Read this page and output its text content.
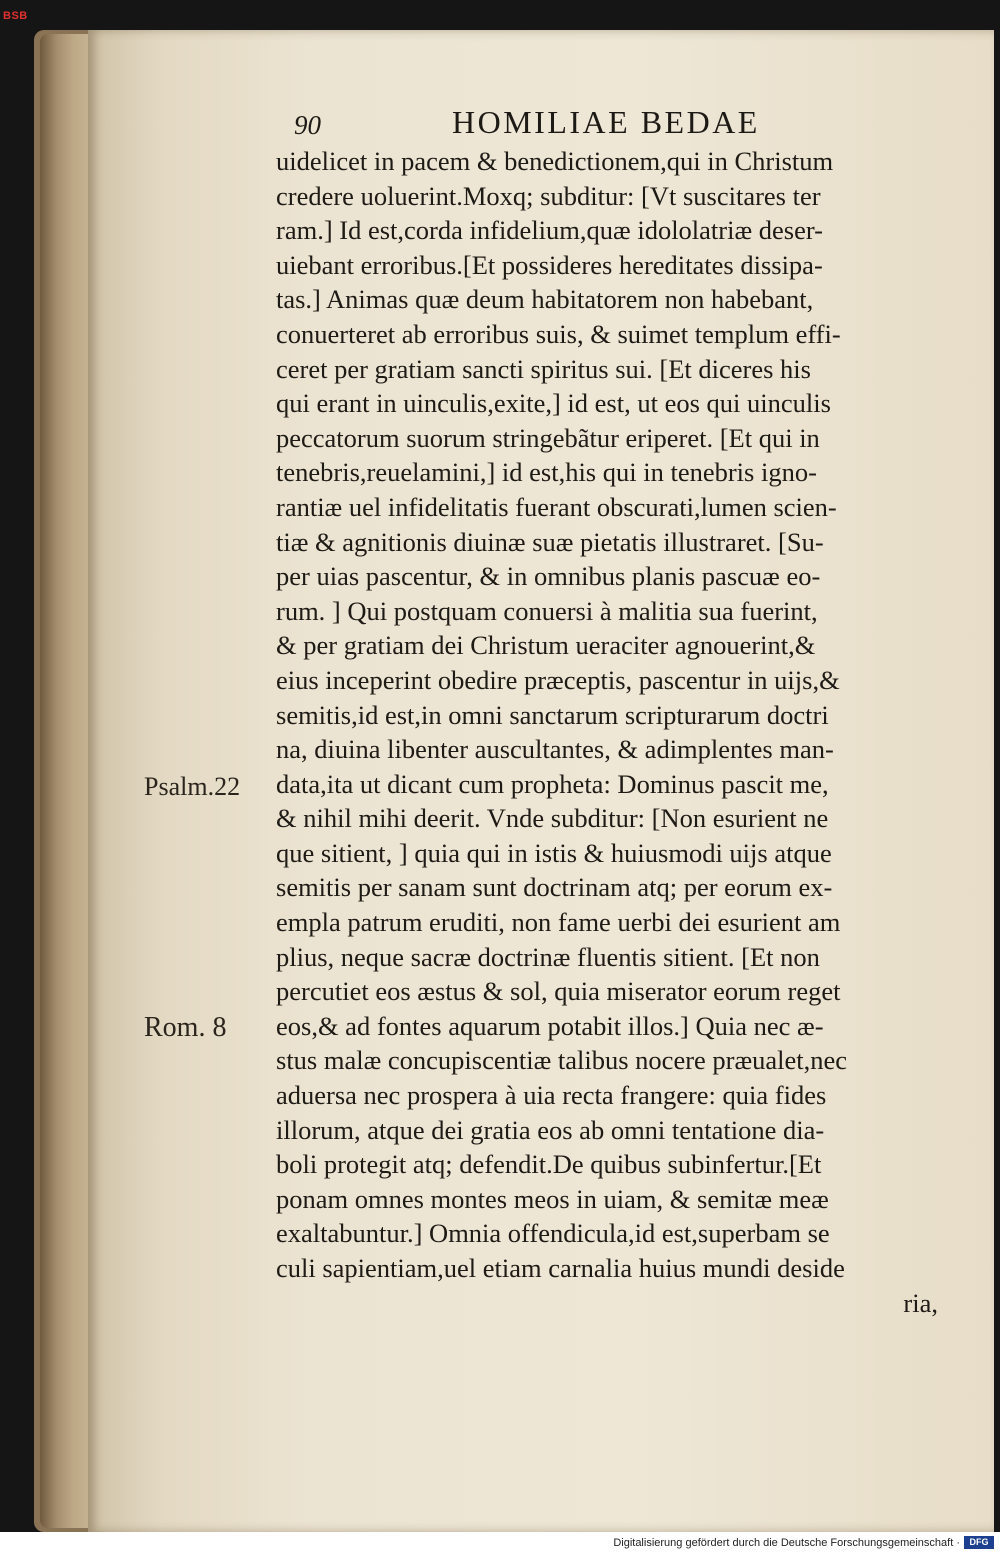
BSB
90	HOMILIAE BEDAE
Psalm.22
Rom. 8
uidelicet in pacem & benedictionem,qui in Christum
credere uoluerint.Moxq; subditur: [Vt suscitares ter
ram.] Id est,corda infidelium,quæ idololatriæ deser-
uiebant erroribus.[Et possideres hereditates dissipa-
tas.] Animas quæ deum habitatorem non habebant,
conuerteret ab erroribus suis, & suimet templum effi-
ceret per gratiam sancti spiritus sui. [Et diceres his
qui erant in uinculis,exite,] id est, ut eos qui uinculis
peccatorum suorum stringebãtur eriperet. [Et qui in
tenebris,reuelamini,] id est,his qui in tenebris igno-
rantiæ uel infidelitatis fuerant obscurati,lumen scien-
tiæ & agnitionis diuinæ suæ pietatis illustraret. [Su-
per uias pascentur, & in omnibus planis pascuæ eo-
rum. ] Qui postquam conuersi à malitia sua fuerint,
& per gratiam dei Christum ueraciter agnouerint,&
eius inceperint obedire præceptis, pascentur in uijs,&
semitis,id est,in omni sanctarum scripturarum doctri
na, diuina libenter auscultantes, & adimplentes man-
data,ita ut dicant cum propheta: Dominus pascit me,
& nihil mihi deerit. Vnde subditur: [Non esurient ne
que sitient, ] quia qui in istis & huiusmodi uijs atque
semitis per sanam sunt doctrinam atq; per eorum ex-
empla patrum eruditi, non fame uerbi dei esurient am
plius, neque sacræ doctrinæ fluentis sitient. [Et non
percutiet eos æstus & sol, quia miserator eorum reget
eos,& ad fontes aquarum potabit illos.] Quia nec æ-
stus malæ concupiscentiæ talibus nocere præualet,nec
aduersa nec prospera à uia recta frangere: quia fides
illorum, atque dei gratia eos ab omni tentatione dia-
boli protegit atq; defendit.De quibus subinfertur.[Et
ponam omnes montes meos in uiam, & semitæ meæ
exaltabuntur.] Omnia offendicula,id est,superbam se
culi sapientiam,uel etiam carnalia huius mundi deside
ria,
Digitalisierung gefördert durch die Deutsche Forschungsgemeinschaft ·	DFG
